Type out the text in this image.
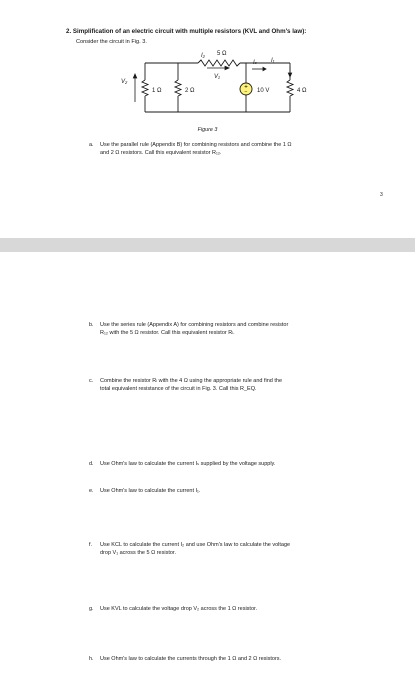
2. Simplification of an electric circuit with multiple resistors (KVL and Ohm's law):
Consider the circuit in Fig. 3.
+
−
5 Ω
I₂
V₁
Iₛ I₁
V₂
1 Ω	2 Ω	10 V	4 Ω
Figure 3
a. Use the parallel rule (Appendix B) for combining resistors and combine the 1 Ω
and 2 Ω resistors. Call this equivalent resistor R₁₂.
3
b. Use the series rule (Appendix A) for combining resistors and combine resistor
R₁₂ with the 5 Ω resistor. Call this equivalent resistor Rₗ.
c. Combine the resistor Rₗ with the 4 Ω using the appropriate rule and find the
total equivalent resistance of the circuit in Fig. 3. Call this R_EQ.
d. Use Ohm's law to calculate the current Iₛ supplied by the voltage supply.
e. Use Ohm's law to calculate the current I₁.
f. Use KCL to calculate the current I₂ and use Ohm's law to calculate the voltage
drop V₁ across the 5 Ω resistor.
g. Use KVL to calculate the voltage drop V₂ across the 1 Ω resistor.
h. Use Ohm's law to calculate the currents through the 1 Ω and 2 Ω resistors.
